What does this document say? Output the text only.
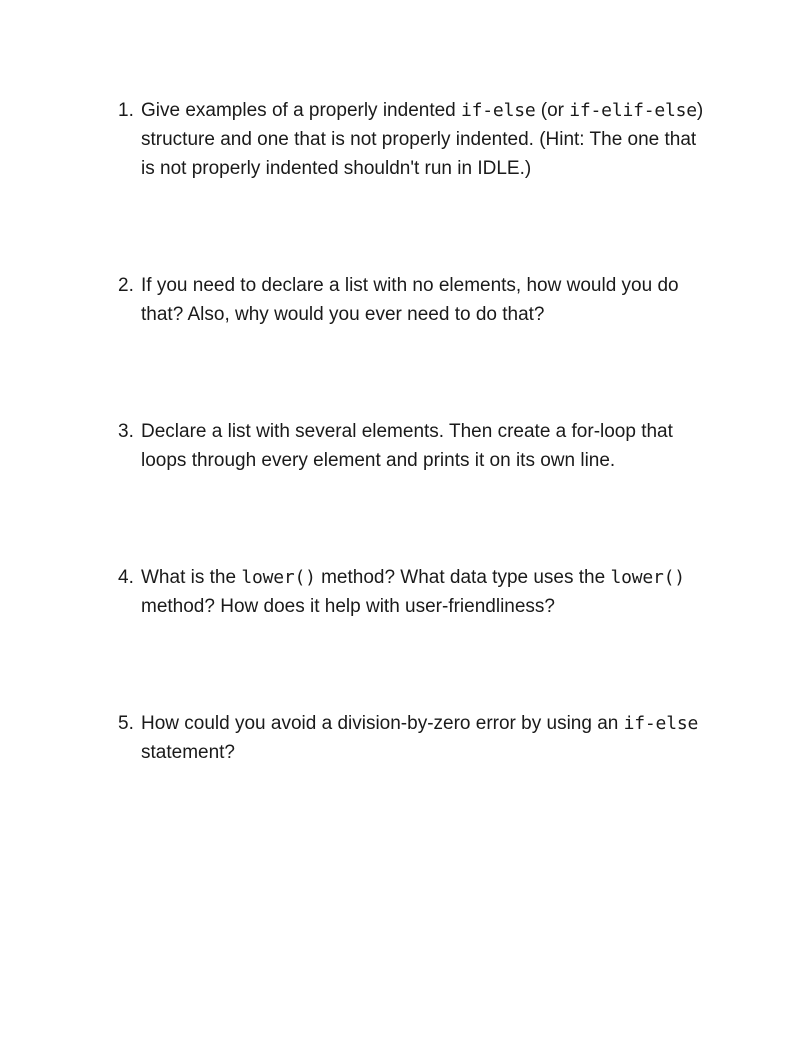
1. Give examples of a properly indented if-else (or if-elif-else) structure and one that is not properly indented. (Hint: The one that is not properly indented shouldn't run in IDLE.)
2. If you need to declare a list with no elements, how would you do that? Also, why would you ever need to do that?
3. Declare a list with several elements. Then create a for-loop that loops through every element and prints it on its own line.
4. What is the lower() method? What data type uses the lower() method? How does it help with user-friendliness?
5. How could you avoid a division-by-zero error by using an if-else statement?
